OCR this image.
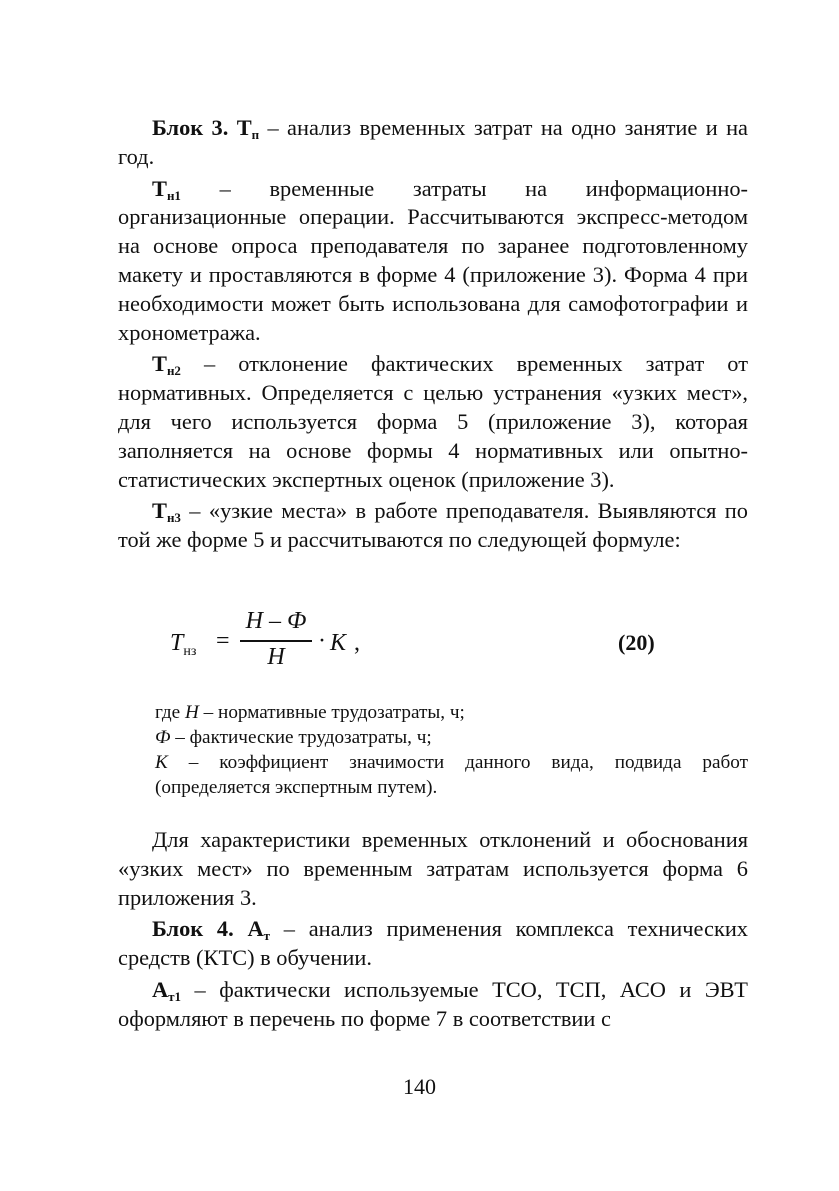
Блок 3. $Т_п$ – анализ временных затрат на одно занятие и на год.

$Т_{н1}$ – временные затраты на информационно-организационные операции. Рассчитываются экспресс-методом на основе опроса преподавателя по заранее подготовленному макету и проставляются в форме 4 (приложение 3). Форма 4 при необходимости может быть использована для самофотографии и хронометража.

$Т_{н2}$ – отклонение фактических временных затрат от нормативных. Определяется с целью устранения «узких мест», для чего используется форма 5 (приложение 3), которая заполняется на основе формы 4 нормативных или опытно-статистических экспертных оценок (приложение 3).

$Т_{н3}$ – «узкие места» в работе преподавателя. Выявляются по той же форме 5 и рассчитываются по следующей формуле:

$T_{нз}$ =
H – Ф
H
· K ,	(20)

где H – нормативные трудозатраты, ч;

Ф – фактические трудозатраты, ч;

K – коэффициент значимости данного вида, подвида работ (определяется экспертным путем).

Для характеристики временных отклонений и обоснования «узких мест» по временным затратам используется форма 6 приложения 3.

Блок 4. $А_т$ – анализ применения комплекса технических средств (КТС) в обучении.

$А_{т1}$ – фактически используемые ТСО, ТСП, АСО и ЭВТ оформляют в перечень по форме 7 в соответствии с

140
